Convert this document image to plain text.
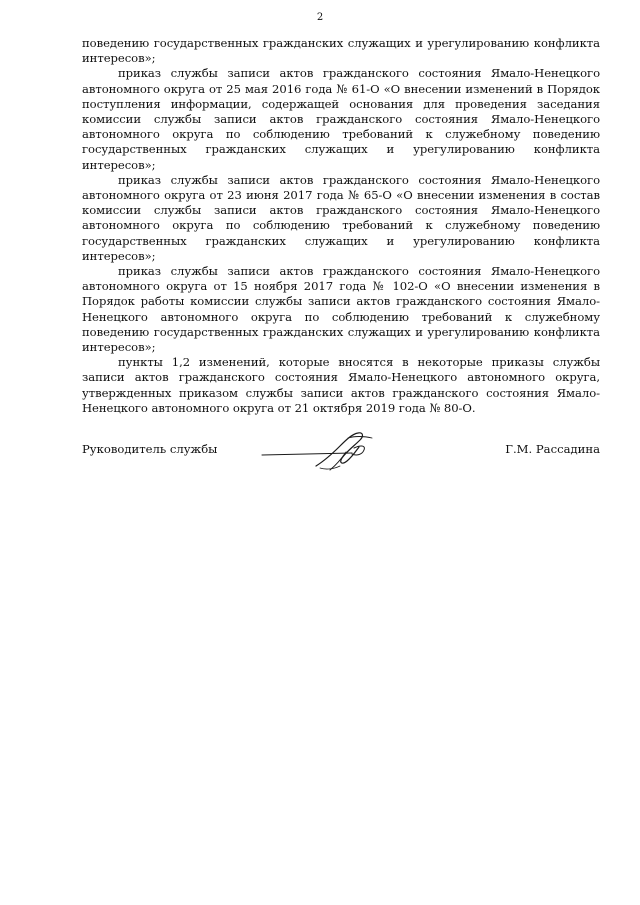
2

поведению государственных гражданских служащих и урегулированию конфликта интересов»;

приказ службы записи актов гражданского состояния Ямало-Ненецкого автономного округа от 25 мая 2016 года № 61-О «О внесении изменений в Порядок поступления информации, содержащей основания для проведения заседания комиссии службы записи актов гражданского состояния Ямало-Ненецкого автономного округа по соблюдению требований к служебному поведению государственных гражданских служащих и урегулированию конфликта интересов»;

приказ службы записи актов гражданского состояния Ямало-Ненецкого автономного округа от 23 июня 2017 года № 65-О «О внесении изменения в состав комиссии службы записи актов гражданского состояния Ямало-Ненецкого автономного округа по соблюдению требований к служебному поведению государственных гражданских служащих и урегулированию конфликта интересов»;

приказ службы записи актов гражданского состояния Ямало-Ненецкого автономного округа от 15 ноября 2017 года № 102-О «О внесении изменения в Порядок работы комиссии службы записи актов гражданского состояния Ямало-Ненецкого автономного округа по соблюдению требований к служебному поведению государственных гражданских служащих и урегулированию конфликта интересов»;

пункты 1,2 изменений, которые вносятся в некоторые приказы службы записи актов гражданского состояния Ямало-Ненецкого автономного округа, утвержденных приказом службы записи актов гражданского состояния Ямало-Ненецкого автономного округа от 21 октября 2019 года № 80-О.

Руководитель службы	Г.М. Рассадина
